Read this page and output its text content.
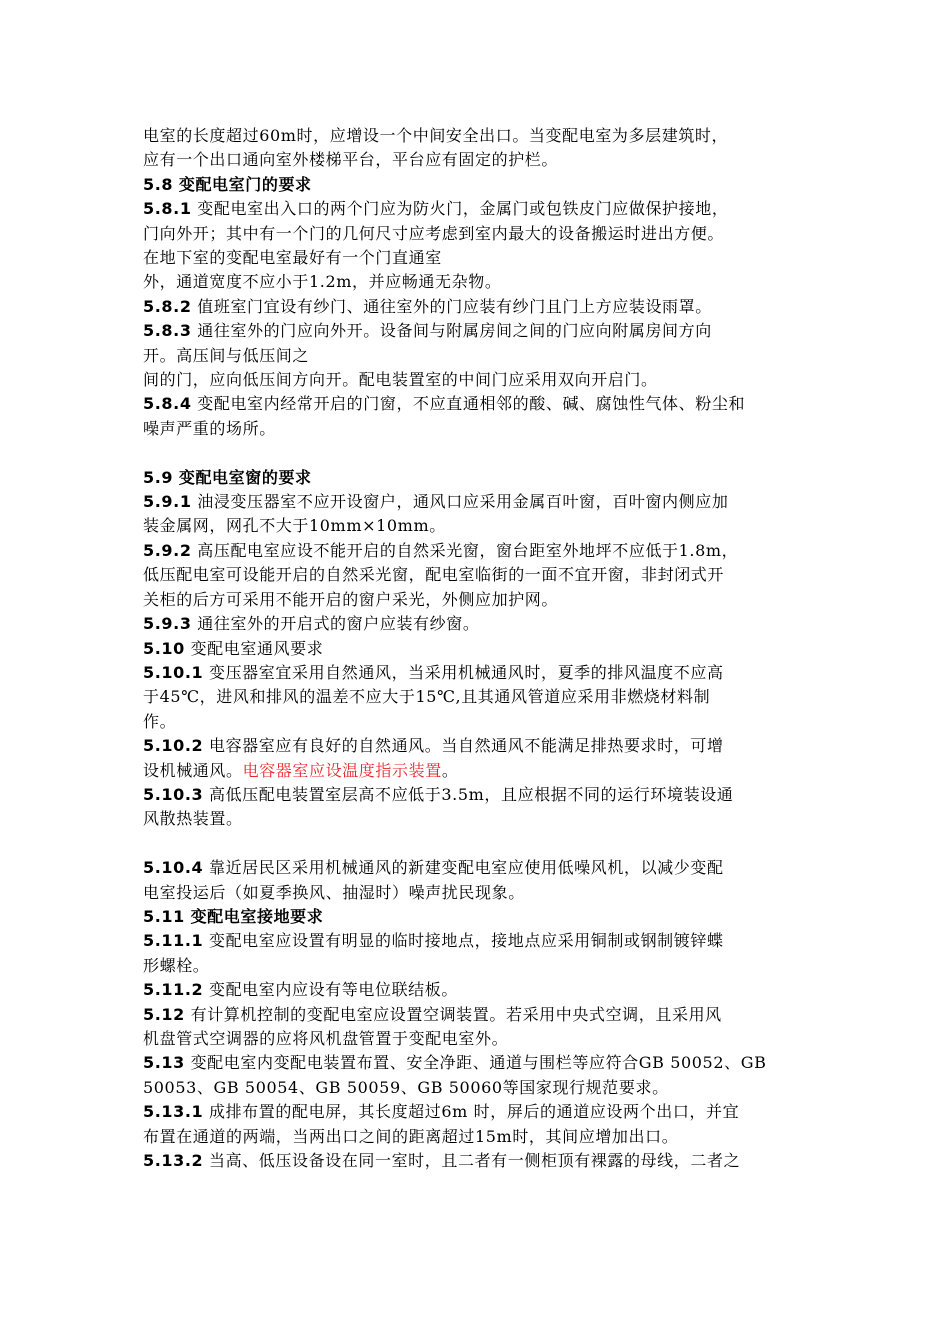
电室的长度超过60m时，应增设一个中间安全出口。当变配电室为多层建筑时，

应有一个出口通向室外楼梯平台，平台应有固定的护栏。

5.8 变配电室门的要求

5.8.1 变配电室出入口的两个门应为防火门，金属门或包铁皮门应做保护接地，

门向外开；其中有一个门的几何尺寸应考虑到室内最大的设备搬运时进出方便。

在地下室的变配电室最好有一个门直通室

外，通道宽度不应小于1.2m，并应畅通无杂物。

5.8.2 值班室门宜设有纱门、通往室外的门应装有纱门且门上方应装设雨罩。

5.8.3 通往室外的门应向外开。设备间与附属房间之间的门应向附属房间方向

开。高压间与低压间之

间的门，应向低压间方向开。配电装置室的中间门应采用双向开启门。

5.8.4 变配电室内经常开启的门窗，不应直通相邻的酸、碱、腐蚀性气体、粉尘和

噪声严重的场所。

5.9 变配电室窗的要求

5.9.1 油浸变压器室不应开设窗户，通风口应采用金属百叶窗，百叶窗内侧应加

装金属网，网孔不大于10mm×10mm。

5.9.2 高压配电室应设不能开启的自然采光窗，窗台距室外地坪不应低于1.8m，

低压配电室可设能开启的自然采光窗，配电室临街的一面不宜开窗，非封闭式开

关柜的后方可采用不能开启的窗户采光，外侧应加护网。

5.9.3 通往室外的开启式的窗户应装有纱窗。

5.10 变配电室通风要求

5.10.1 变压器室宜采用自然通风，当采用机械通风时，夏季的排风温度不应高

于45℃，进风和排风的温差不应大于15℃,且其通风管道应采用非燃烧材料制

作。

5.10.2 电容器室应有良好的自然通风。当自然通风不能满足排热要求时，可增

设机械通风。电容器室应设温度指示装置。

5.10.3 高低压配电装置室层高不应低于3.5m，且应根据不同的运行环境装设通

风散热装置。

5.10.4 靠近居民区采用机械通风的新建变配电室应使用低噪风机，以减少变配

电室投运后（如夏季换风、抽湿时）噪声扰民现象。

5.11 变配电室接地要求

5.11.1 变配电室应设置有明显的临时接地点，接地点应采用铜制或钢制镀锌蝶

形螺栓。

5.11.2 变配电室内应设有等电位联结板。

5.12 有计算机控制的变配电室应设置空调装置。若采用中央式空调，且采用风

机盘管式空调器的应将风机盘管置于变配电室外。

5.13 变配电室内变配电装置布置、安全净距、通道与围栏等应符合GB 50052、GB

50053、GB 50054、GB 50059、GB 50060等国家现行规范要求。

5.13.1 成排布置的配电屏，其长度超过6m 时，屏后的通道应设两个出口，并宜

布置在通道的两端，当两出口之间的距离超过15m时，其间应增加出口。

5.13.2 当高、低压设备设在同一室时，且二者有一侧柜顶有裸露的母线，二者之
